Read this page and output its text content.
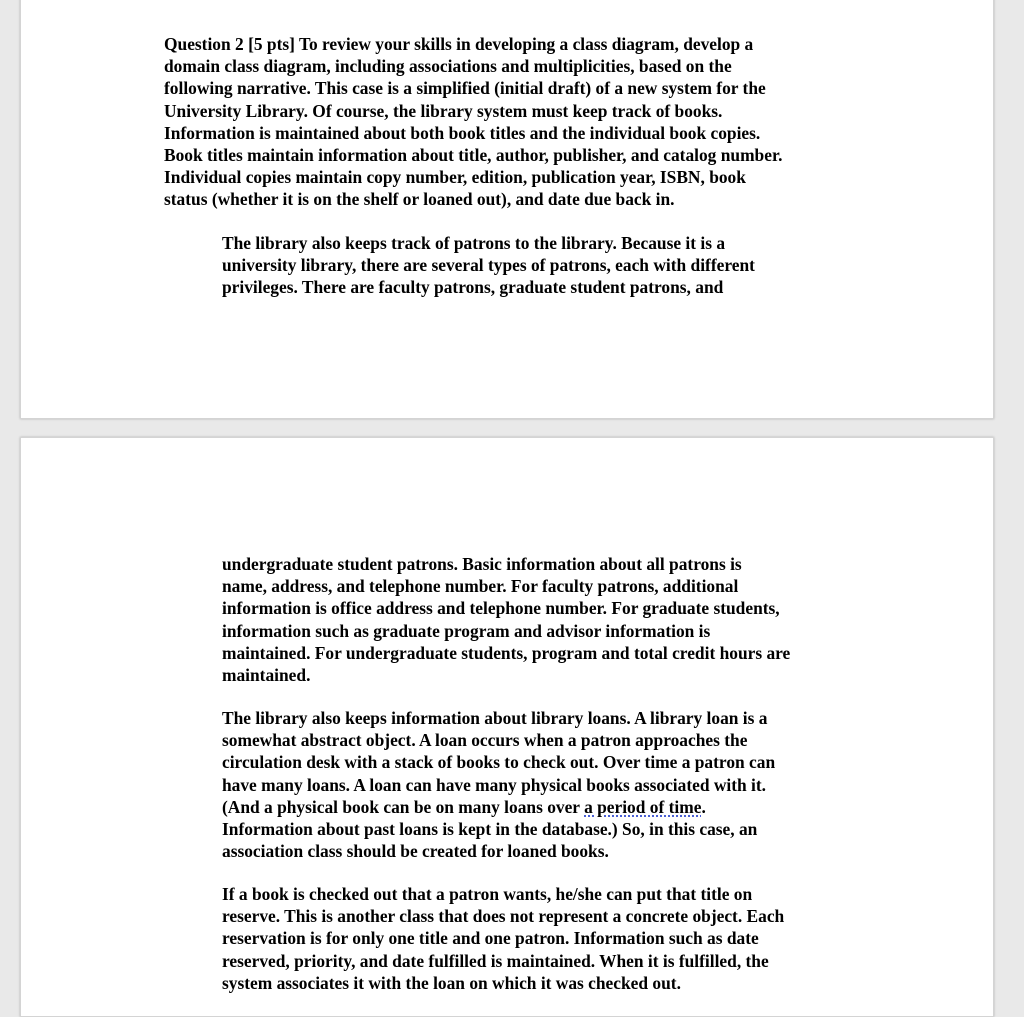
Question 2 [5 pts] To review your skills in developing a class diagram, develop a
domain class diagram, including associations and multiplicities, based on the
following narrative. This case is a simplified (initial draft) of a new system for the
University Library. Of course, the library system must keep track of books.
Information is maintained about both book titles and the individual book copies.
Book titles maintain information about title, author, publisher, and catalog number.
Individual copies maintain copy number, edition, publication year, ISBN, book
status (whether it is on the shelf or loaned out), and date due back in.

The library also keeps track of patrons to the library. Because it is a
university library, there are several types of patrons, each with different
privileges. There are faculty patrons, graduate student patrons, and

undergraduate student patrons. Basic information about all patrons is
name, address, and telephone number. For faculty patrons, additional
information is office address and telephone number. For graduate students,
information such as graduate program and advisor information is
maintained. For undergraduate students, program and total credit hours are
maintained.

The library also keeps information about library loans. A library loan is a
somewhat abstract object. A loan occurs when a patron approaches the
circulation desk with a stack of books to check out. Over time a patron can
have many loans. A loan can have many physical books associated with it.
(And a physical book can be on many loans over a period of time.
Information about past loans is kept in the database.) So, in this case, an
association class should be created for loaned books.

If a book is checked out that a patron wants, he/she can put that title on
reserve. This is another class that does not represent a concrete object. Each
reservation is for only one title and one patron. Information such as date
reserved, priority, and date fulfilled is maintained. When it is fulfilled, the
system associates it with the loan on which it was checked out.
